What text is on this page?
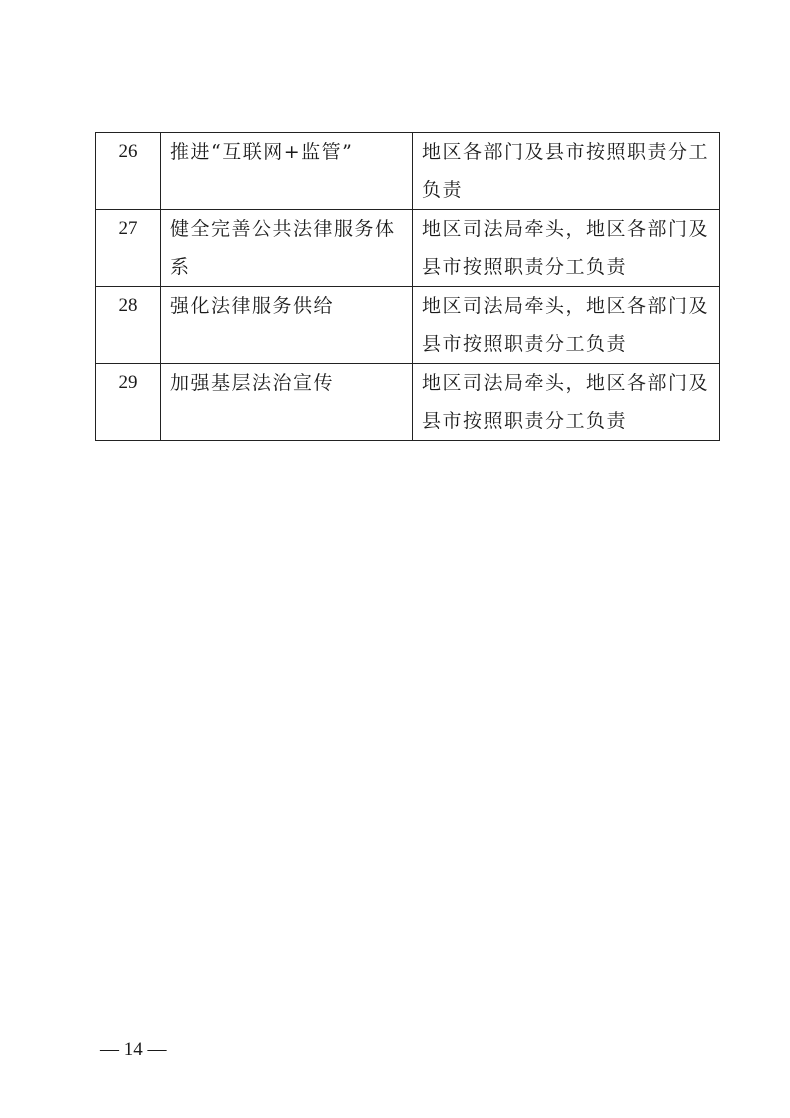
26	推进“互联网+监管”	地区各部门及县市按照职责分工负责
27	健全完善公共法律服务体系	地区司法局牵头，地区各部门及县市按照职责分工负责
28	强化法律服务供给	地区司法局牵头，地区各部门及县市按照职责分工负责
29	加强基层法治宣传	地区司法局牵头，地区各部门及县市按照职责分工负责
— 14 —
